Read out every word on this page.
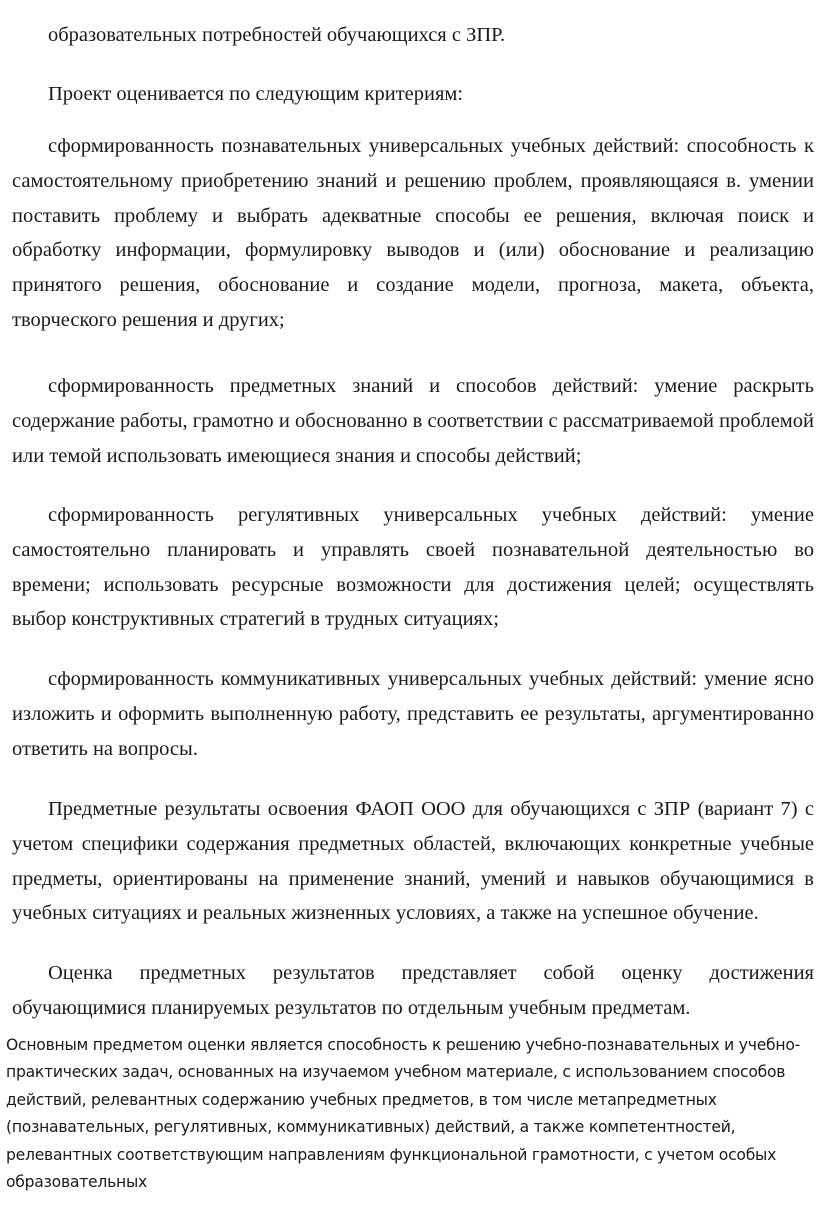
образовательных потребностей обучающихся с ЗПР.

Проект оценивается по следующим критериям:

сформированность познавательных универсальных учебных действий: способность к самостоятельному приобретению знаний и решению проблем, проявляющаяся в. умении поставить проблему и выбрать адекватные способы ее решения, включая поиск и обработку информации, формулировку выводов и (или) обоснование и реализацию принятого решения, обоснование и создание модели, прогноза, макета, объекта, творческого решения и других;

сформированность предметных знаний и способов действий: умение раскрыть содержание работы, грамотно и обоснованно в соответствии с рассматриваемой проблемой или темой использовать имеющиеся знания и способы действий;

сформированность регулятивных универсальных учебных действий: умение самостоятельно планировать и управлять своей познавательной деятельностью во времени; использовать ресурсные возможности для достижения целей; осуществлять выбор конструктивных стратегий в трудных ситуациях;

сформированность коммуникативных универсальных учебных действий: умение ясно изложить и оформить выполненную работу, представить ее результаты, аргументированно ответить на вопросы.

Предметные результаты освоения ФАОП ООО для обучающихся с ЗПР (вариант 7) с учетом специфики содержания предметных областей, включающих конкретные учебные предметы, ориентированы на применение знаний, умений и навыков обучающимися в учебных ситуациях и реальных жизненных условиях, а также на успешное обучение.

Оценка предметных результатов представляет собой оценку достижения обучающимися планируемых результатов по отдельным учебным предметам.

Основным предметом оценки является способность к решению учебно-познавательных и учебно-практических задач, основанных на изучаемом учебном материале, с использованием способов действий, релевантных содержанию учебных предметов, в том числе метапредметных (познавательных, регулятивных, коммуникативных) действий, а также компетентностей, релевантных соответствующим направлениям функциональной грамотности, с учетом особых образовательных
